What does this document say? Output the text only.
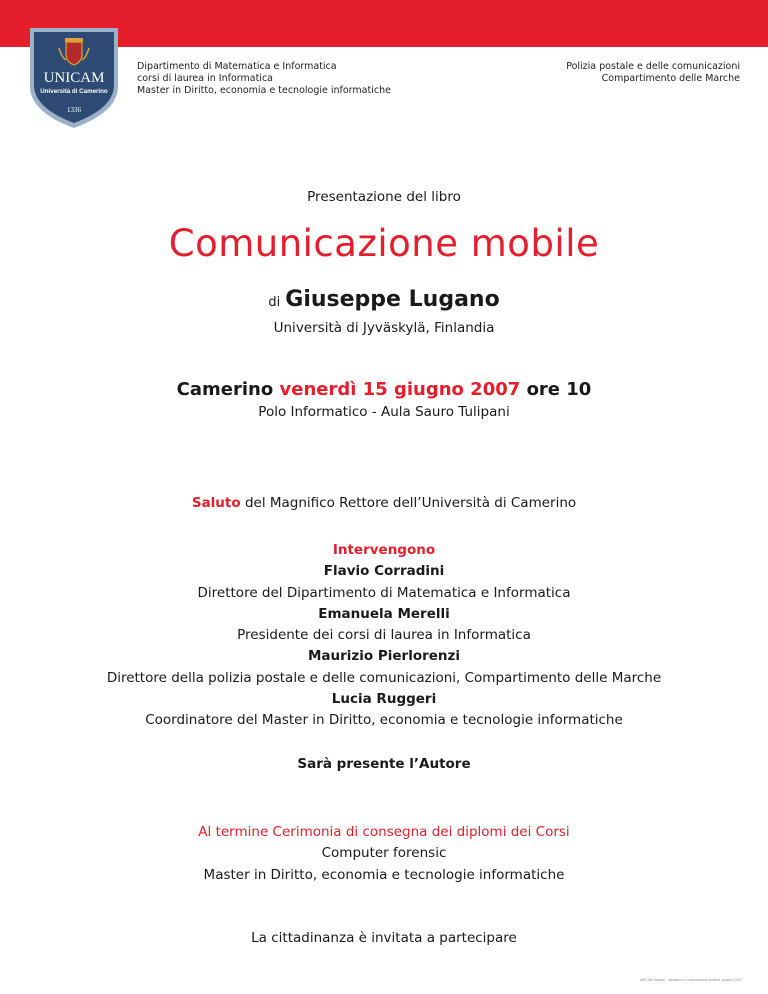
UNICAM
Università di Camerino
1336
Dipartimento di Matematica e Informatica
corsi di laurea in Informatica
Master in Diritto, economia e tecnologie informatiche
Polizia postale e delle comunicazioni
Compartimento delle Marche
Presentazione del libro
Comunicazione mobile
di Giuseppe Lugano
Università di Jyväskylä, Finlandia
Camerino venerdì 15 giugno 2007 ore 10
Polo Informatico - Aula Sauro Tulipani
Saluto del Magnifico Rettore dell’Università di Camerino
Intervengono
Flavio Corradini
Direttore del Dipartimento di Matematica e Informatica
Emanuela Merelli
Presidente dei corsi di laurea in Informatica
Maurizio Pierlorenzi
Direttore della polizia postale e delle comunicazioni, Compartimento delle Marche
Lucia Ruggeri
Coordinatore del Master in Diritto, economia e tecnologie informatiche
Sarà presente l’Autore
Al termine Cerimonia di consegna dei diplomi dei Corsi
Computer forensic
Master in Diritto, economia e tecnologie informatiche
La cittadinanza è invitata a partecipare
UNICAM Revisio · ideazione e realizzazione grafica, giugno 2007
